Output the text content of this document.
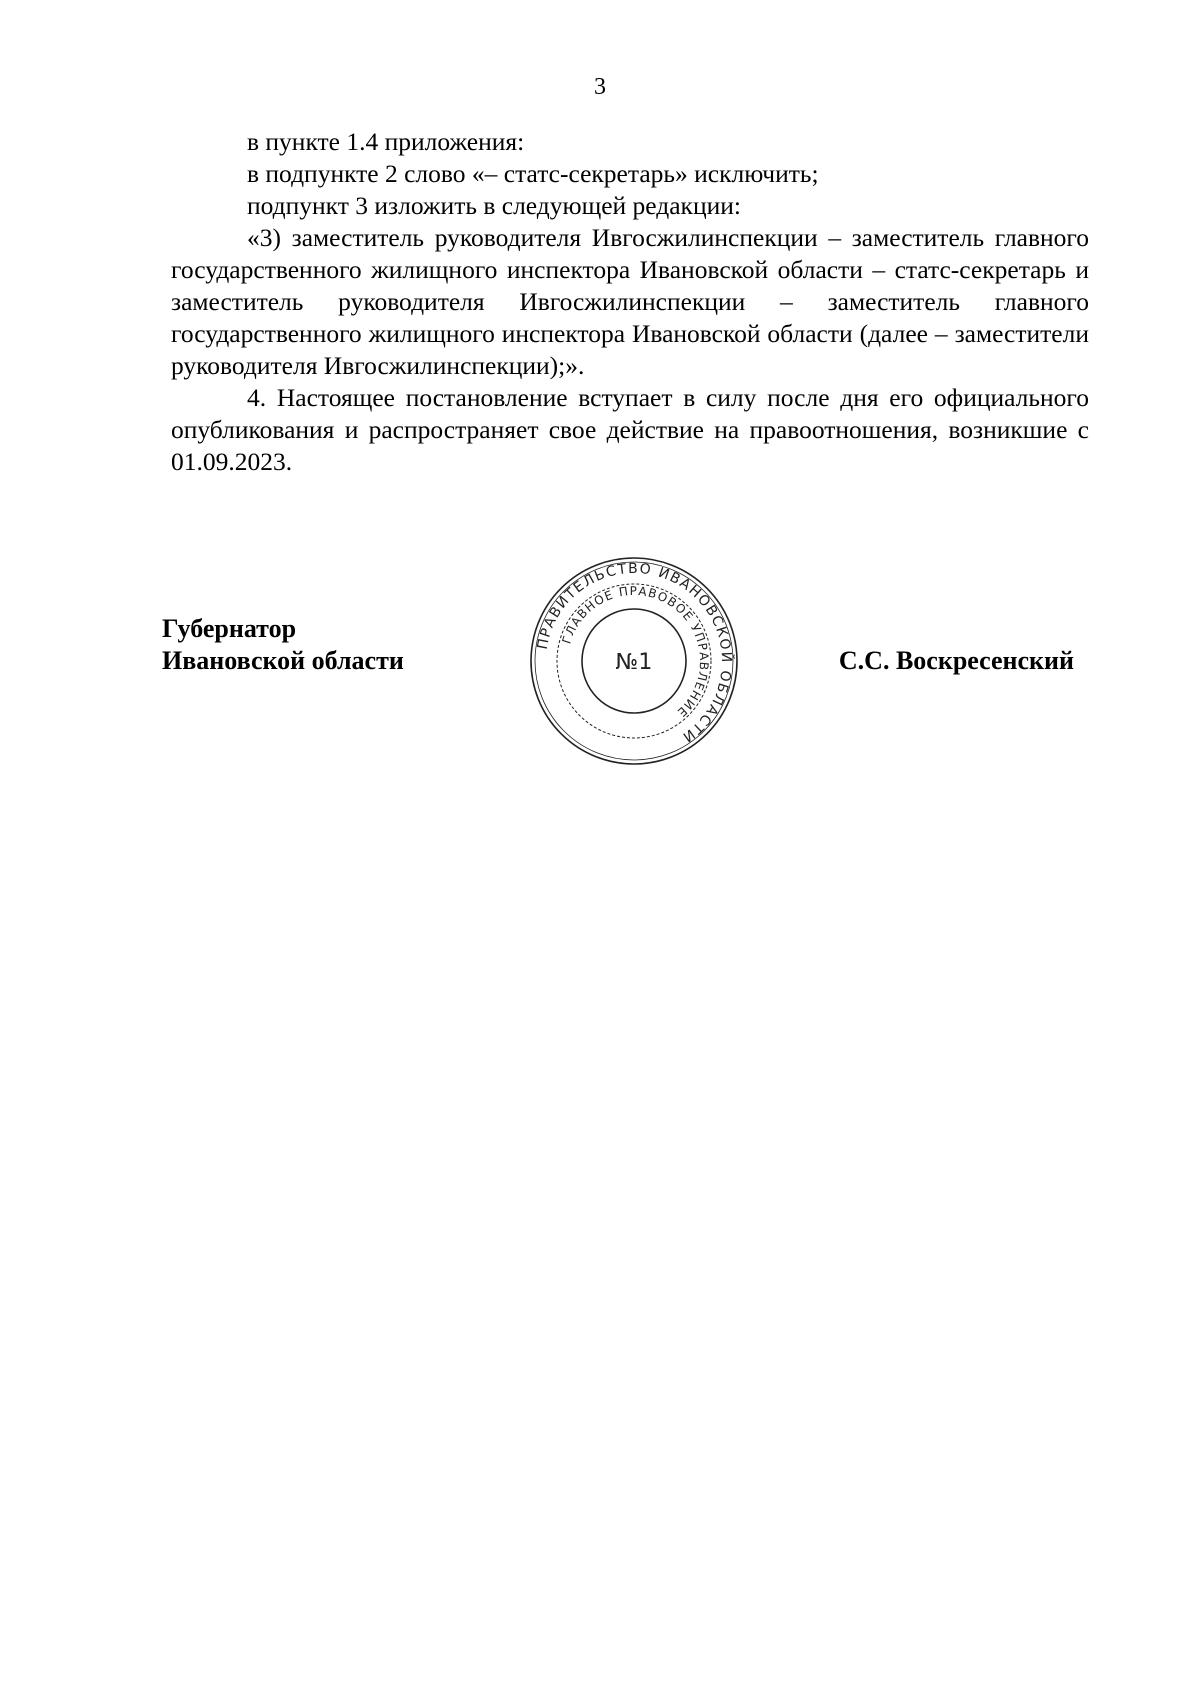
3

в пункте 1.4 приложения:

в подпункте 2 слово «– статс-секретарь» исключить;

подпункт 3 изложить в следующей редакции:

«3) заместитель руководителя Ивгосжилинспекции – заместитель главного государственного жилищного инспектора Ивановской области – статс-секретарь и заместитель руководителя Ивгосжилинспекции – заместитель главного государственного жилищного инспектора Ивановской области (далее – заместители руководителя Ивгосжилинспекции);».

4. Настоящее постановление вступает в силу после дня его официального опубликования и распространяет свое действие на правоотношения, возникшие с 01.09.2023.

Губернатор
Ивановской области
ПРАВИТЕЛЬСТВО ИВАНОВСКОЙ ОБЛАСТИ
ГЛАВНОЕ ПРАВОВОЕ УПРАВЛЕНИЕ
№1	С.С. Воскресенский
